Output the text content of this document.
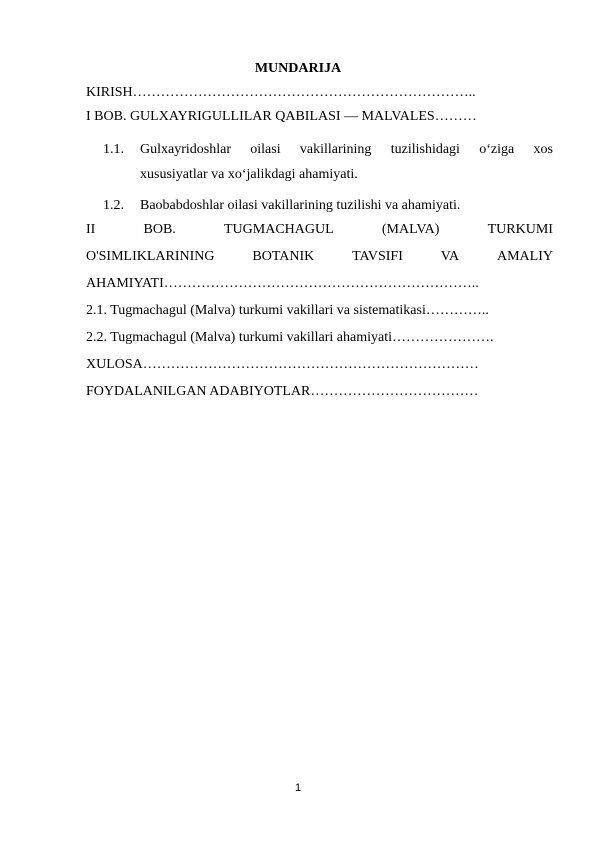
MUNDARIJA
KIRISH………………………………………………………………..
I BOB. GULXAYRIGULLILAR QABILASI — MALVALES………
1.1. Gulxayridoshlar oilasi vakillarining tuzilishidagi o‘ziga xos
xususiyatlar va xo‘jalikdagi ahamiyati.
1.2. Baobabdoshlar oilasi vakillarining tuzilishi va ahamiyati.
II	BOB.	TUGMACHAGUL	(MALVA)	TURKUMI
O'SIMLIKLARINING	BOTANIK	TAVSIFI	VA	AMALIY
AHAMIYATI…………………………………………………………..
2.1. Tugmachagul (Malva) turkumi vakillari va sistematikasi…………..
2.2. Tugmachagul (Malva) turkumi vakillari ahamiyati………………….
XULOSA………………………………………………………………
FOYDALANILGAN ADABIYOTLAR………………………………
1
